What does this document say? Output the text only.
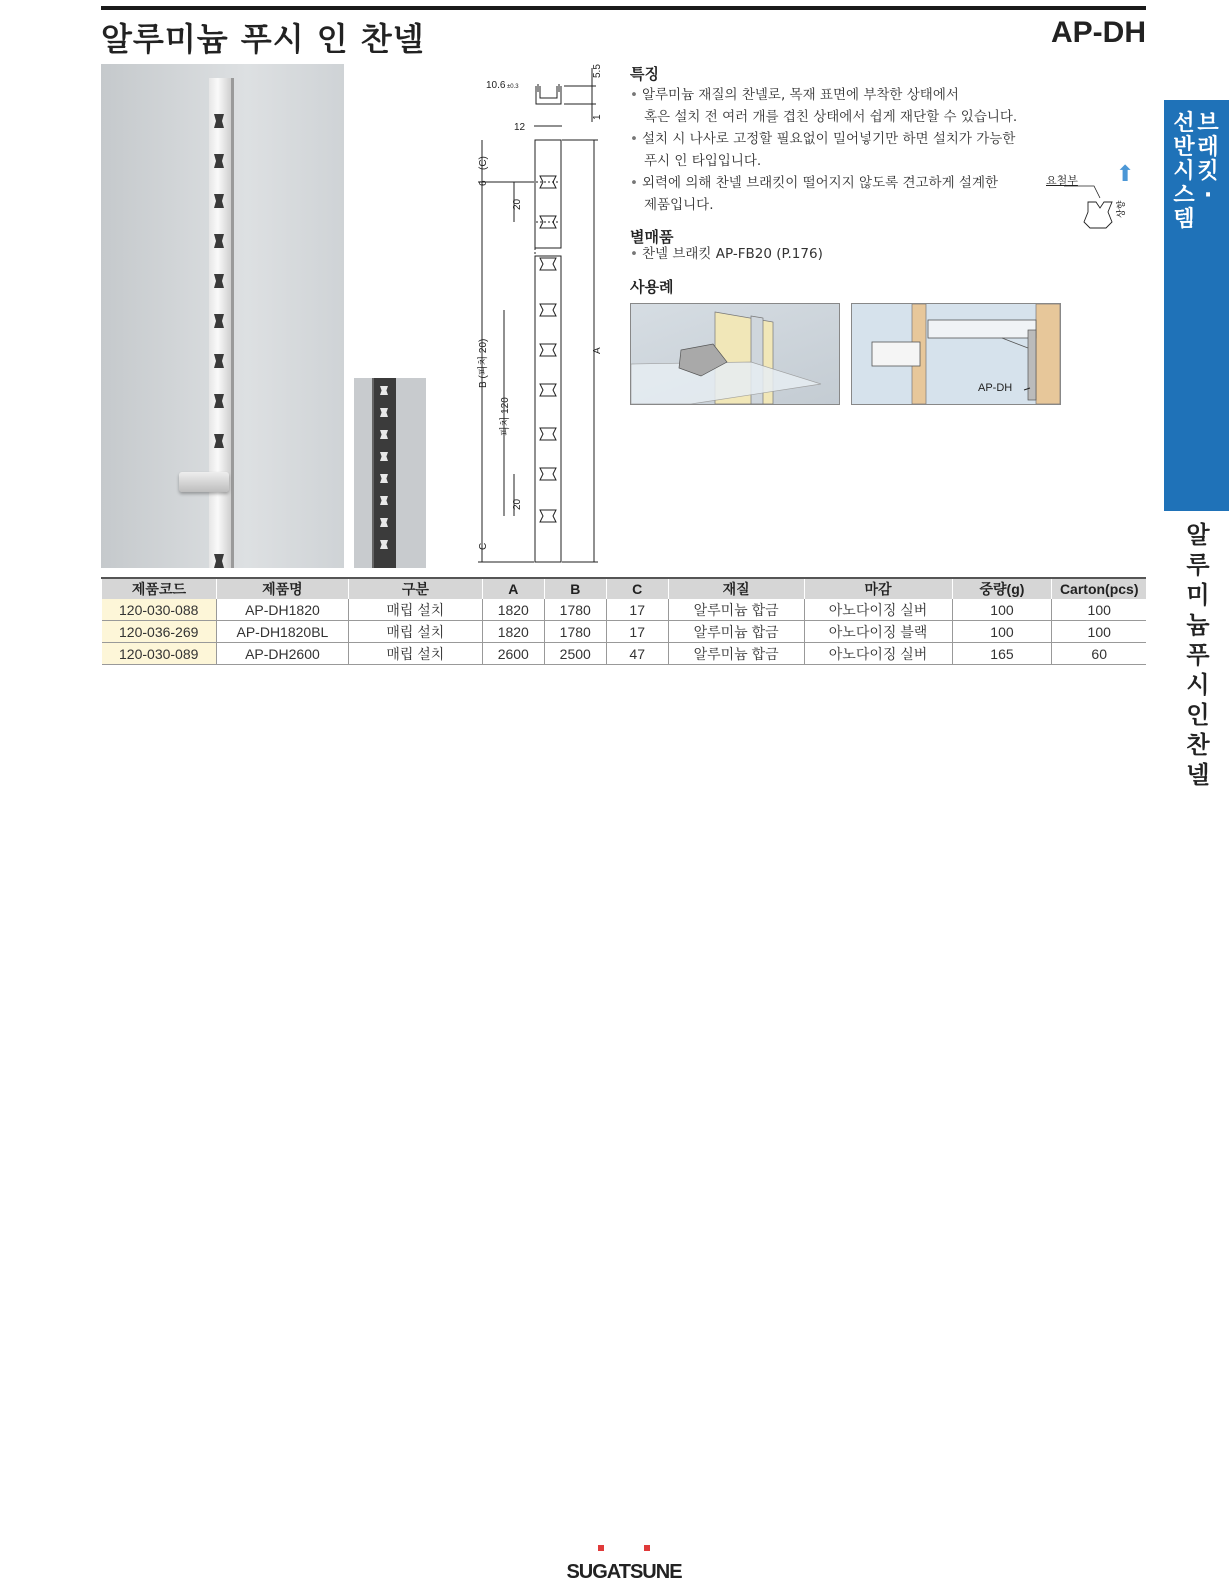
알루미늄 푸시 인 찬넬	AP-DH
10.6 ±0.3
5.5
1
12
(C)
6
20
B (피치 20)
피치 120
20
C
A
특징
• 알루미늄 재질의 찬넬로, 목재 표면에 부착한 상태에서
혹은 설치 전 여러 개를 겹친 상태에서 쉽게 재단할 수 있습니다.
• 설치 시 나사로 고정할 필요없이 밀어넣기만 하면 설치가 가능한
푸시 인 타입입니다.
• 외력에 의해 찬넬 브래킷이 떨어지지 않도록 견고하게 설계한
제품입니다.
별매품
• 찬넬 브래킷 AP-FB20 (P.176)
사용례
AP-DH
요철부 ⬆
상향
선반시스템
브래킷·
알루미늄푸시인찬넬
제품코드	제품명	구분	A	B	C	재질	마감	중량(g)	Carton(pcs)
120-030-088	AP-DH1820	매립 설치	1820	1780	17	알루미늄 합금	아노다이징 실버	100	100
120-036-269	AP-DH1820BL	매립 설치	1820	1780	17	알루미늄 합금	아노다이징 블랙	100	100
120-030-089	AP-DH2600	매립 설치	2600	2500	47	알루미늄 합금	아노다이징 실버	165	60
SUGATSUNE
